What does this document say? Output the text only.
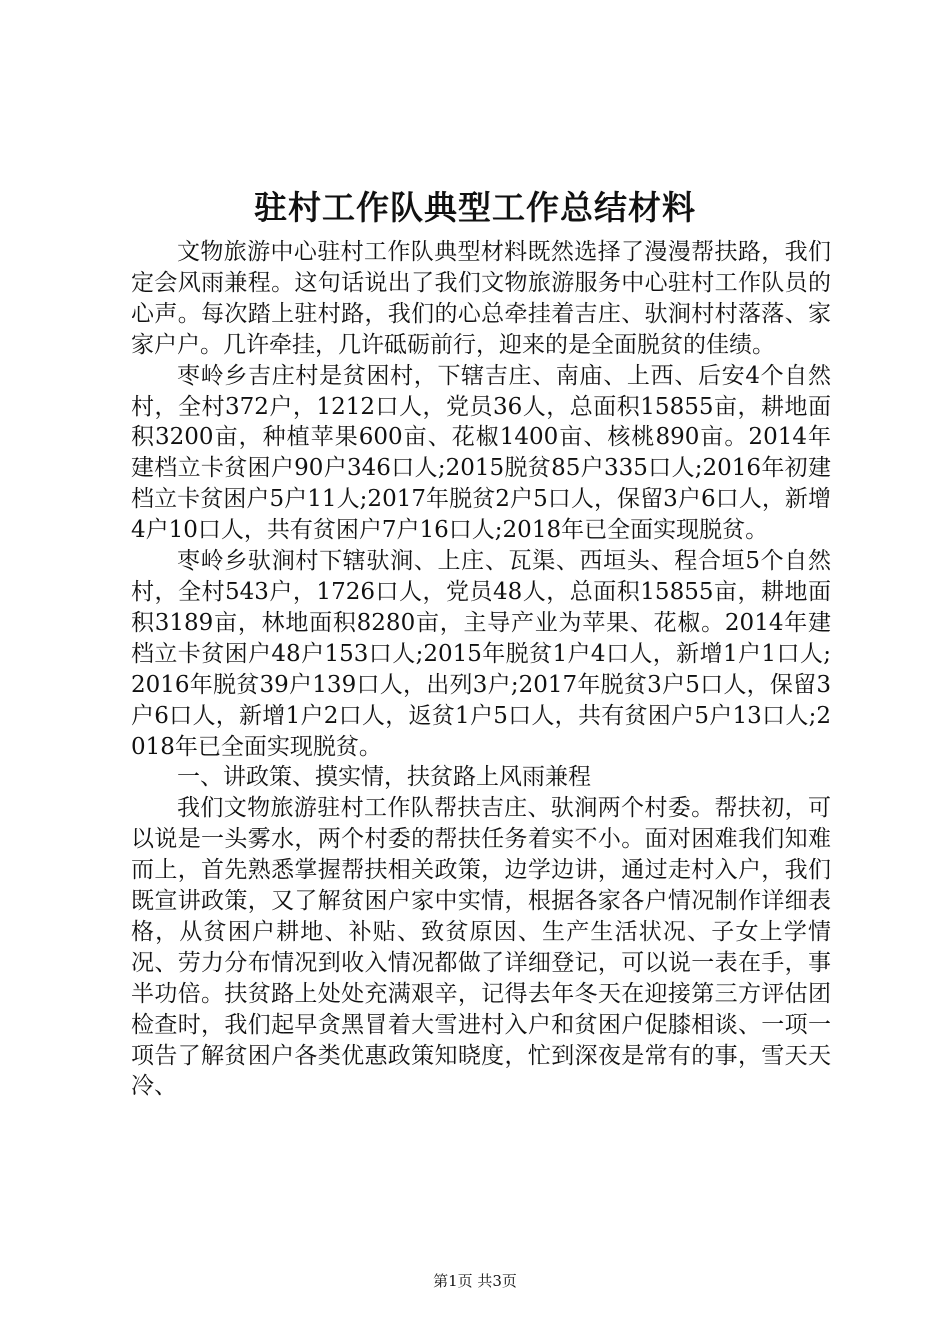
驻村工作队典型工作总结材料

文物旅游中心驻村工作队典型材料既然选择了漫漫帮扶路，我们定会风雨兼程。这句话说出了我们文物旅游服务中心驻村工作队员的心声。每次踏上驻村路，我们的心总牵挂着吉庄、驮涧村村落落、家家户户。几许牵挂，几许砥砺前行，迎来的是全面脱贫的佳绩。

枣岭乡吉庄村是贫困村，下辖吉庄、南庙、上西、后安4个自然村，全村372户，1212口人，党员36人，总面积15855亩，耕地面积3200亩，种植苹果600亩、花椒1400亩、核桃890亩。2014年建档立卡贫困户90户346口人;2015脱贫85户335口人;2016年初建档立卡贫困户5户11人;2017年脱贫2户5口人，保留3户6口人，新增4户10口人，共有贫困户7户16口人;2018年已全面实现脱贫。

枣岭乡驮涧村下辖驮涧、上庄、瓦渠、西垣头、程合垣5个自然村，全村543户，1726口人，党员48人，总面积15855亩，耕地面积3189亩，林地面积8280亩，主导产业为苹果、花椒。2014年建档立卡贫困户48户153口人;2015年脱贫1户4口人，新增1户1口人;2016年脱贫39户139口人，出列3户;2017年脱贫3户5口人，保留3户6口人，新增1户2口人，返贫1户5口人，共有贫困户5户13口人;2018年已全面实现脱贫。

一、讲政策、摸实情，扶贫路上风雨兼程

我们文物旅游驻村工作队帮扶吉庄、驮涧两个村委。帮扶初，可以说是一头雾水，两个村委的帮扶任务着实不小。面对困难我们知难而上，首先熟悉掌握帮扶相关政策，边学边讲，通过走村入户，我们既宣讲政策，又了解贫困户家中实情，根据各家各户情况制作详细表格，从贫困户耕地、补贴、致贫原因、生产生活状况、子女上学情况、劳力分布情况到收入情况都做了详细登记，可以说一表在手，事半功倍。扶贫路上处处充满艰辛，记得去年冬天在迎接第三方评估团检查时，我们起早贪黑冒着大雪进村入户和贫困户促膝相谈、一项一项告了解贫困户各类优惠政策知晓度，忙到深夜是常有的事，雪天天冷、

第1页 共3页
